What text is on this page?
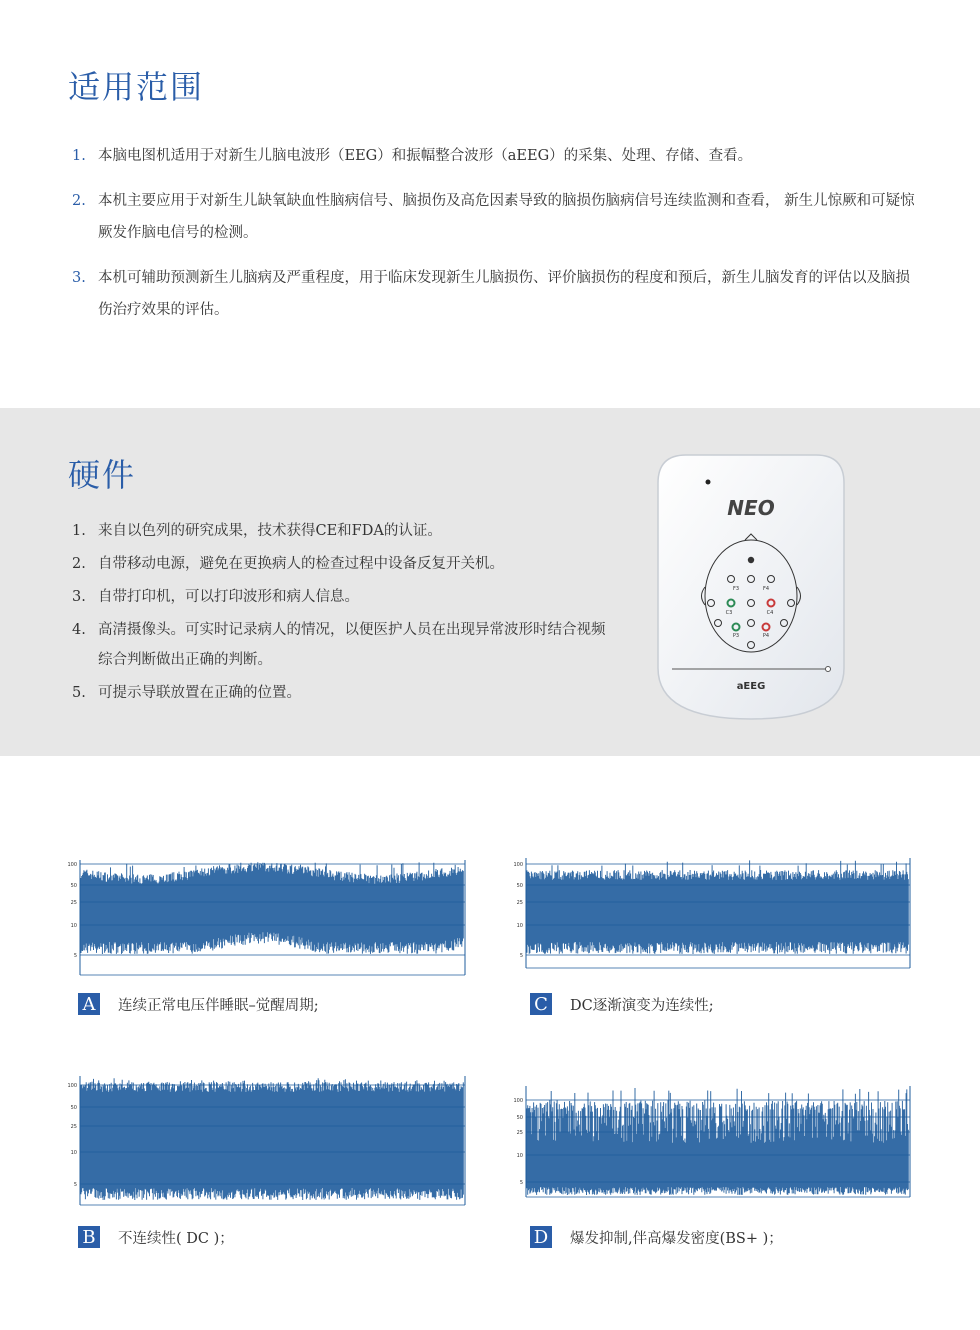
适用范围
1. 本脑电图机适用于对新生儿脑电波形（EEG）和振幅整合波形（aEEG）的采集、处理、存储、查看。
2. 本机主要应用于对新生儿缺氧缺血性脑病信号、脑损伤及高危因素导致的脑损伤脑病信号连续监测和查看， 新生儿惊厥和可疑惊厥发作脑电信号的检测。
3. 本机可辅助预测新生儿脑病及严重程度，用于临床发现新生儿脑损伤、评价脑损伤的程度和预后，新生儿脑发育的评估以及脑损伤治疗效果的评估。
硬件
1. 来自以色列的研究成果，技术获得CE和FDA的认证。
2. 自带移动电源，避免在更换病人的检查过程中设备反复开关机。
3. 自带打印机，可以打印波形和病人信息。
4. 高清摄像头。可实时记录病人的情况，以便医护人员在出现异常波形时结合视频综合判断做出正确的判断。
5. 可提示导联放置在正确的位置。
NEO
F3	F4
C3	C4
P3	P4
aEEG
100
50
25
10
5
A	连续正常电压伴睡眠–觉醒周期;
100
50
25
10
5
C DC逐渐演变为连续性;
100
50
25
10
5
B	不连续性( DC )；
100
50
25
10
5
D 爆发抑制,伴高爆发密度(BS+ )；
